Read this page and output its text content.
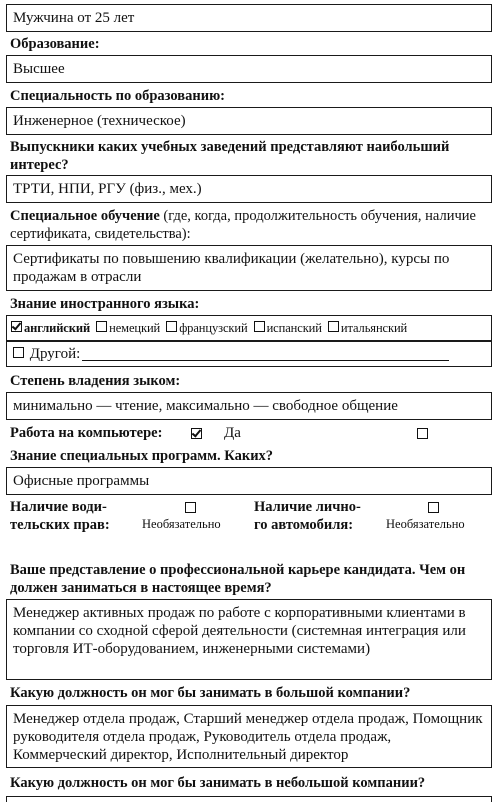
Мужчина от 25 лет
Образование:
Высшее
Специальность по образованию:
Инженерное (техническое)
Выпускники каких учебных заведений представляют наибольший интерес?
ТРТИ, НПИ, РГУ (физ., мех.)
Специальное обучение (где, когда, продолжительность обучения, наличие сертификата, свидетельства):
Сертификаты по повышению квалификации (желательно), курсы по продажам в отрасли
Знание иностранного языка:
английский немецкий французский испанский итальянский
Другой:
Степень владения зыком:
минимально — чтение, максимально — свободное общение
Работа на компьютере:	Да
Знание специальных программ. Каких?
Офисные программы
Наличие води-
тельских прав:	Необязательно
Наличие лично-
го автомобиля:	Необязательно
Ваше представление о профессиональной карьере кандидата. Чем он должен заниматься в настоящее время?
Менеджер активных продаж по работе с корпоративными клиентами в компании со сходной сферой деятельности (системная интеграция или торговля ИТ-оборудованием, инженерными системами)
Какую должность он мог бы занимать в большой компании?
Менеджер отдела продаж, Старший менеджер отдела продаж, Помощник руководителя отдела продаж, Руководитель отдела продаж, Коммерческий директор, Исполнительный директор
Какую должность он мог бы занимать в небольшой компании?
